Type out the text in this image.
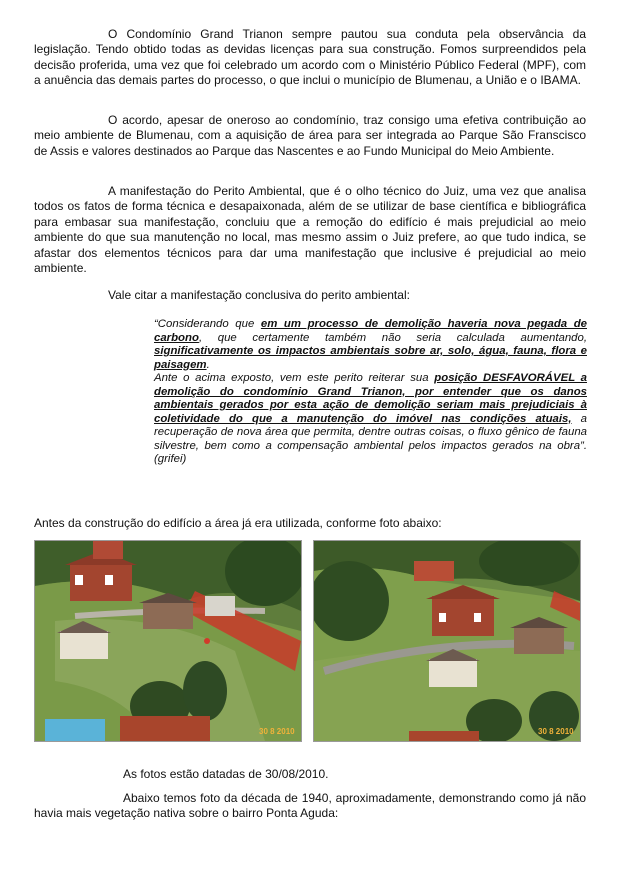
O Condomínio Grand Trianon sempre pautou sua conduta pela observância da legislação. Tendo obtido todas as devidas licenças para sua construção. Fomos surpreendidos pela decisão proferida, uma vez que foi celebrado um acordo com o Ministério Público Federal (MPF), com a anuência das demais partes do processo, o que inclui o município de Blumenau, a União e o IBAMA.

O acordo, apesar de oneroso ao condomínio, traz consigo uma efetiva contribuição ao meio ambiente de Blumenau, com a aquisição de área para ser integrada ao Parque São Franscisco de Assis e valores destinados ao Parque das Nascentes e ao Fundo Municipal do Meio Ambiente.

A manifestação do Perito Ambiental, que é o olho técnico do Juiz, uma vez que analisa todos os fatos de forma técnica e desapaixonada, além de se utilizar de base científica e bibliográfica para embasar sua manifestação, concluiu que a remoção do edifício é mais prejudicial ao meio ambiente do que sua manutenção no local, mas mesmo assim o Juiz prefere, ao que tudo indica, se afastar dos elementos técnicos para dar uma manifestação que inclusive é prejudicial ao meio ambiente.

Vale citar a manifestação conclusiva do perito ambiental:

“Considerando que em um processo de demolição haveria nova pegada de carbono, que certamente também não seria calculada aumentando, significativamente os impactos ambientais sobre ar, solo, água, fauna, flora e paisagem.
Ante o acima exposto, vem este perito reiterar sua posição DESFAVORÁVEL a demolição do condomínio Grand Trianon, por entender que os danos ambientais gerados por esta ação de demolição seriam mais prejudiciais à coletividade do que a manutenção do imóvel nas condições atuais, a recuperação de nova área que permita, dentre outras coisas, o fluxo gênico de fauna silvestre, bem como a compensação ambiental pelos impactos gerados na obra”. (grifei)

Antes da construção do edifício a área já era utilizada, conforme foto abaixo:

30 8 2010	30 8 2010

As fotos estão datadas de 30/08/2010.

Abaixo temos foto da década de 1940, aproximadamente, demonstrando como já não havia mais vegetação nativa sobre o bairro Ponta Aguda:
